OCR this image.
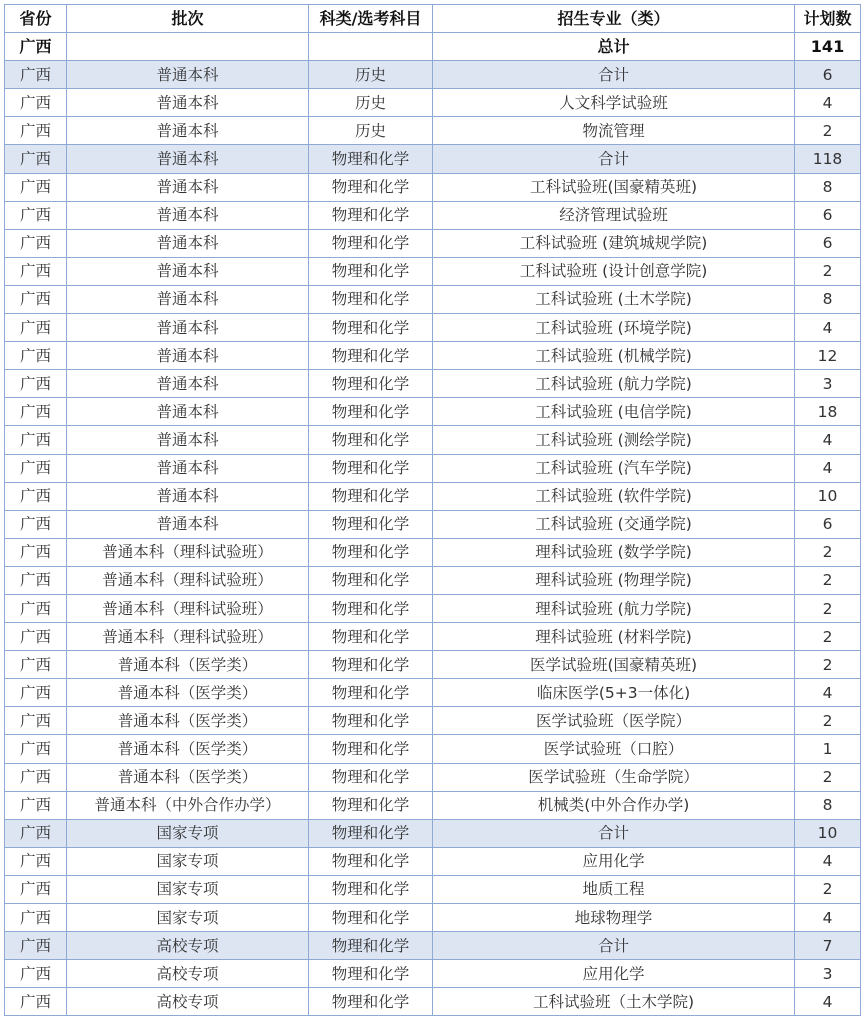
省份	批次	科类/选考科目	招生专业（类）	计划数
广西			总计	141
广西	普通本科	历史	合计	6
广西	普通本科	历史	人文科学试验班	4
广西	普通本科	历史	物流管理	2
广西	普通本科	物理和化学	合计	118
广西	普通本科	物理和化学	工科试验班(国豪精英班)	8
广西	普通本科	物理和化学	经济管理试验班	6
广西	普通本科	物理和化学	工科试验班 (建筑城规学院)	6
广西	普通本科	物理和化学	工科试验班 (设计创意学院)	2
广西	普通本科	物理和化学	工科试验班 (土木学院)	8
广西	普通本科	物理和化学	工科试验班 (环境学院)	4
广西	普通本科	物理和化学	工科试验班 (机械学院)	12
广西	普通本科	物理和化学	工科试验班 (航力学院)	3
广西	普通本科	物理和化学	工科试验班 (电信学院)	18
广西	普通本科	物理和化学	工科试验班 (测绘学院)	4
广西	普通本科	物理和化学	工科试验班 (汽车学院)	4
广西	普通本科	物理和化学	工科试验班 (软件学院)	10
广西	普通本科	物理和化学	工科试验班 (交通学院)	6
广西	普通本科（理科试验班）	物理和化学	理科试验班 (数学学院)	2
广西	普通本科（理科试验班）	物理和化学	理科试验班 (物理学院)	2
广西	普通本科（理科试验班）	物理和化学	理科试验班 (航力学院)	2
广西	普通本科（理科试验班）	物理和化学	理科试验班 (材料学院)	2
广西	普通本科（医学类）	物理和化学	医学试验班(国豪精英班)	2
广西	普通本科（医学类）	物理和化学	临床医学(5+3一体化)	4
广西	普通本科（医学类）	物理和化学	医学试验班（医学院）	2
广西	普通本科（医学类）	物理和化学	医学试验班（口腔）	1
广西	普通本科（医学类）	物理和化学	医学试验班（生命学院）	2
广西	普通本科（中外合作办学）	物理和化学	机械类(中外合作办学)	8
广西	国家专项	物理和化学	合计	10
广西	国家专项	物理和化学	应用化学	4
广西	国家专项	物理和化学	地质工程	2
广西	国家专项	物理和化学	地球物理学	4
广西	高校专项	物理和化学	合计	7
广西	高校专项	物理和化学	应用化学	3
广西	高校专项	物理和化学	工科试验班（土木学院)	4
